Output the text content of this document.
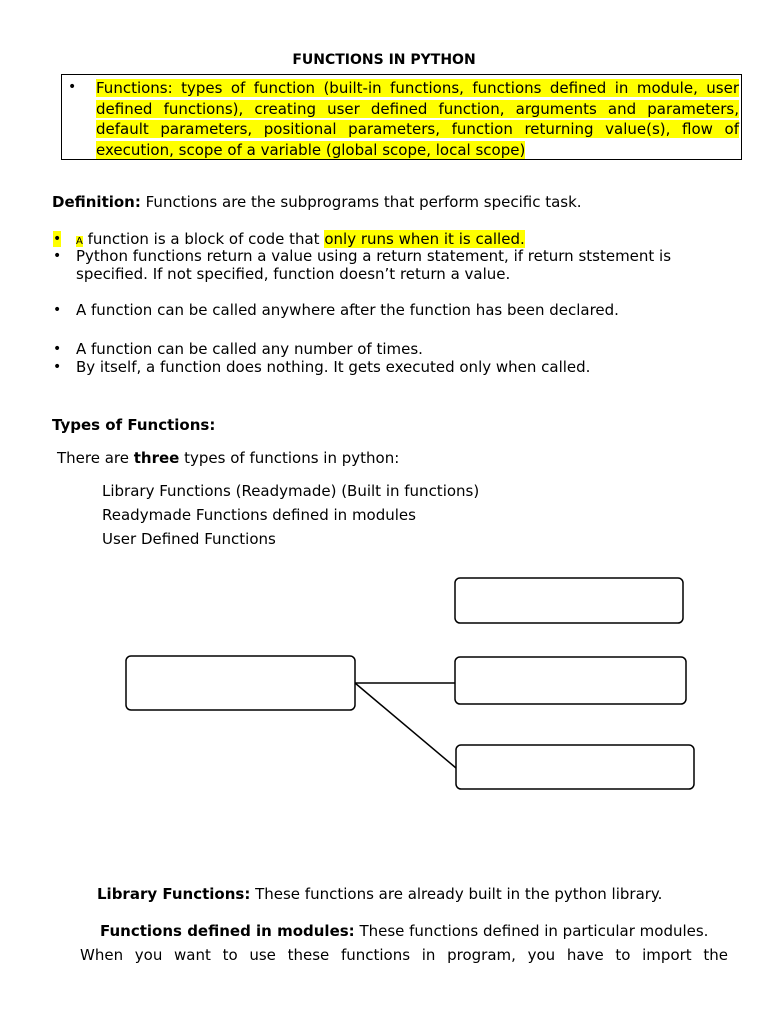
FUNCTIONS IN PYTHON
• Functions: types of function (built-in functions, functions defined in module, user defined functions), creating user defined function, arguments and parameters, default parameters, positional parameters, function returning value(s), flow of execution, scope of a variable (global scope, local scope)
Definition: Functions are the subprograms that perform specific task.
• A function is a block of code that only runs when it is called.
• Python functions return a value using a return statement, if return ststement is
specified. If not specified, function doesn’t return a value.
• A function can be called anywhere after the function has been declared.
• A function can be called any number of times.
• By itself, a function does nothing. It gets executed only when called.
Types of Functions:
There are three types of functions in python:
Library Functions (Readymade) (Built in functions)
Readymade Functions defined in modules
User Defined Functions
Library Functions: These functions are already built in the python library.
Functions defined in modules: These functions defined in particular modules.
When you want to use these functions in program, you have to import the
